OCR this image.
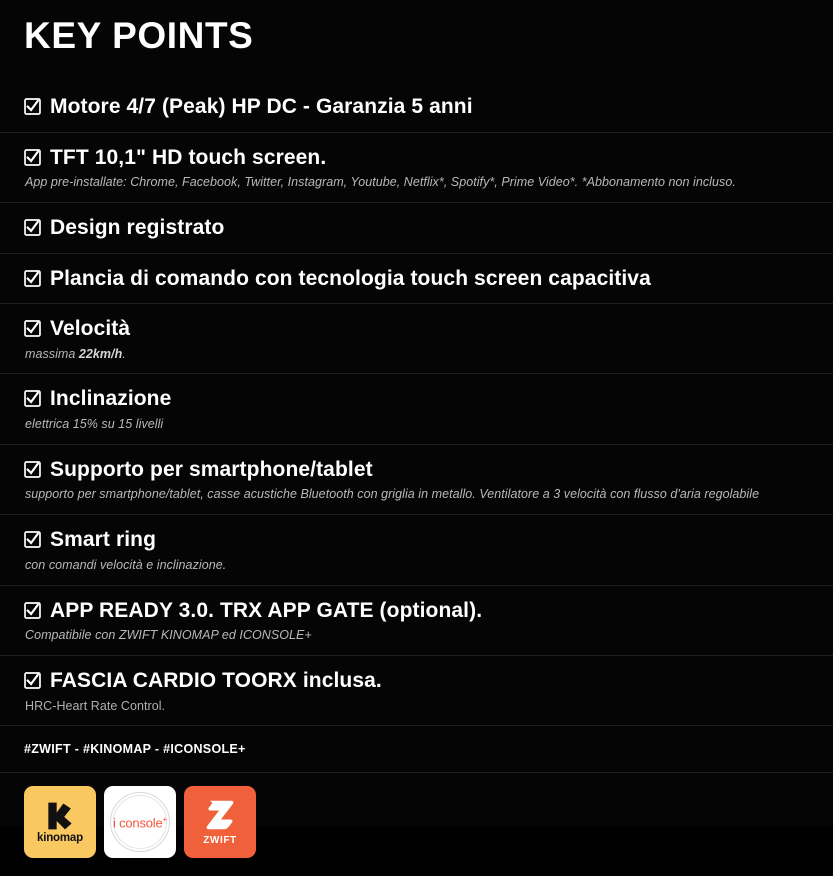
KEY POINTS
Motore 4/7 (Peak) HP DC - Garanzia 5 anni
TFT 10,1" HD touch screen.
App pre-installate: Chrome, Facebook, Twitter, Instagram, Youtube, Netflix*, Spotify*, Prime Video*. *Abbonamento non incluso.
Design registrato
Plancia di comando con tecnologia touch screen capacitiva
Velocità
massima 22km/h.
Inclinazione
elettrica 15% su 15 livelli
Supporto per smartphone/tablet
supporto per smartphone/tablet, casse acustiche Bluetooth con griglia in metallo. Ventilatore a 3 velocità con flusso d'aria regolabile
Smart ring
con comandi velocità e inclinazione.
APP READY 3.0. TRX APP GATE (optional).
Compatibile con ZWIFT KINOMAP ed ICONSOLE+
FASCIA CARDIO TOORX inclusa.
HRC-Heart Rate Control.
#ZWIFT - #KINOMAP - #ICONSOLE+
kinomap
i console+
ZWIFT
